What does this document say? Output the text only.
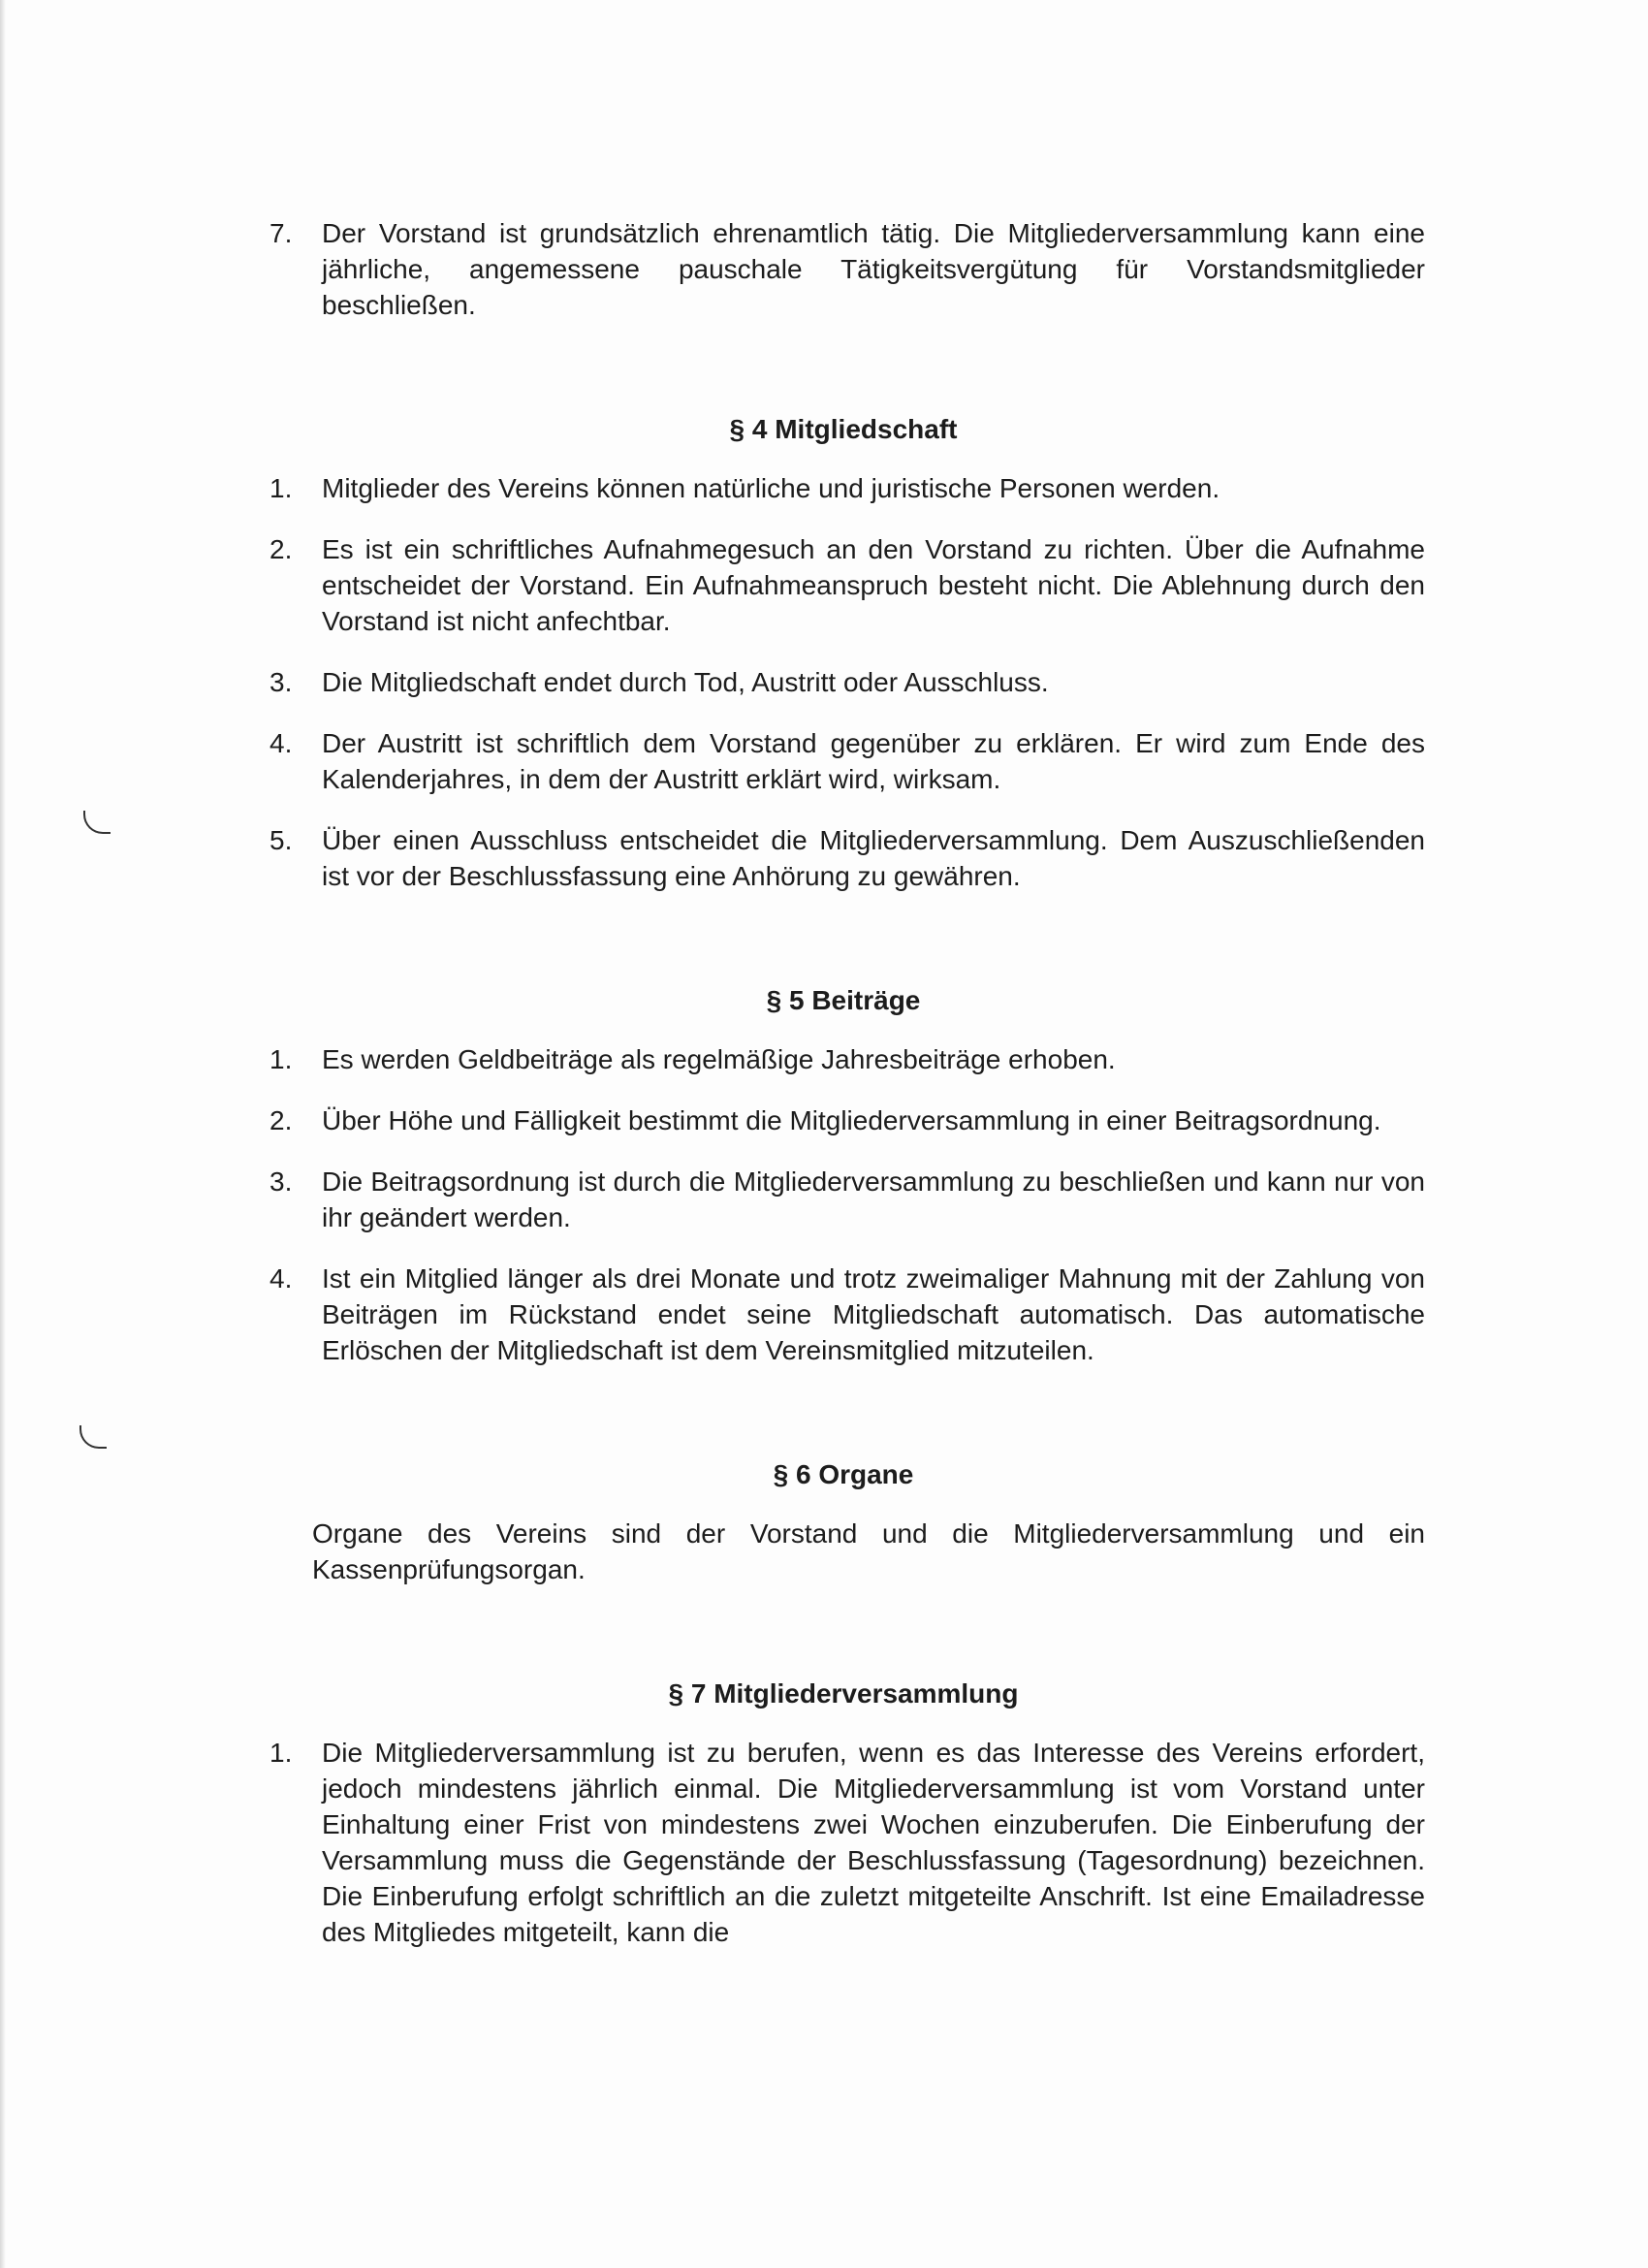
7.	Der Vorstand ist grundsätzlich ehrenamtlich tätig. Die Mitgliederversammlung kann eine jährliche, angemessene pauschale Tätigkeitsvergütung für Vorstandsmitglieder beschließen.
§ 4 Mitgliedschaft
1.	Mitglieder des Vereins können natürliche und juristische Personen werden.
2.	Es ist ein schriftliches Aufnahmegesuch an den Vorstand zu richten. Über die Aufnahme entscheidet der Vorstand. Ein Aufnahmeanspruch besteht nicht. Die Ablehnung durch den Vorstand ist nicht anfechtbar.
3.	Die Mitgliedschaft endet durch Tod, Austritt oder Ausschluss.
4.	Der Austritt ist schriftlich dem Vorstand gegenüber zu erklären. Er wird zum Ende des Kalenderjahres, in dem der Austritt erklärt wird, wirksam.
5.	Über einen Ausschluss entscheidet die Mitgliederversammlung. Dem Auszuschließenden ist vor der Beschlussfassung eine Anhörung zu gewähren.
§ 5 Beiträge
1.	Es werden Geldbeiträge als regelmäßige Jahresbeiträge erhoben.
2.	Über Höhe und Fälligkeit bestimmt die Mitgliederversammlung in einer Beitragsordnung.
3.	Die Beitragsordnung ist durch die Mitgliederversammlung zu beschließen und kann nur von ihr geändert werden.
4.	Ist ein Mitglied länger als drei Monate und trotz zweimaliger Mahnung mit der Zahlung von Beiträgen im Rückstand endet seine Mitgliedschaft automatisch. Das automatische Erlöschen der Mitgliedschaft ist dem Vereinsmitglied mitzuteilen.
§ 6 Organe

Organe des Vereins sind der Vorstand und die Mitgliederversammlung und ein Kassenprüfungsorgan.

§ 7 Mitgliederversammlung
1.	Die Mitgliederversammlung ist zu berufen, wenn es das Interesse des Vereins erfordert, jedoch mindestens jährlich einmal. Die Mitgliederversammlung ist vom Vorstand unter Einhaltung einer Frist von mindestens zwei Wochen einzuberufen. Die Einberufung der Versammlung muss die Gegenstände der Beschlussfassung (Tagesordnung) bezeichnen. Die Einberufung erfolgt schriftlich an die zuletzt mitgeteilte Anschrift. Ist eine Emailadresse des Mitgliedes mitgeteilt, kann die
